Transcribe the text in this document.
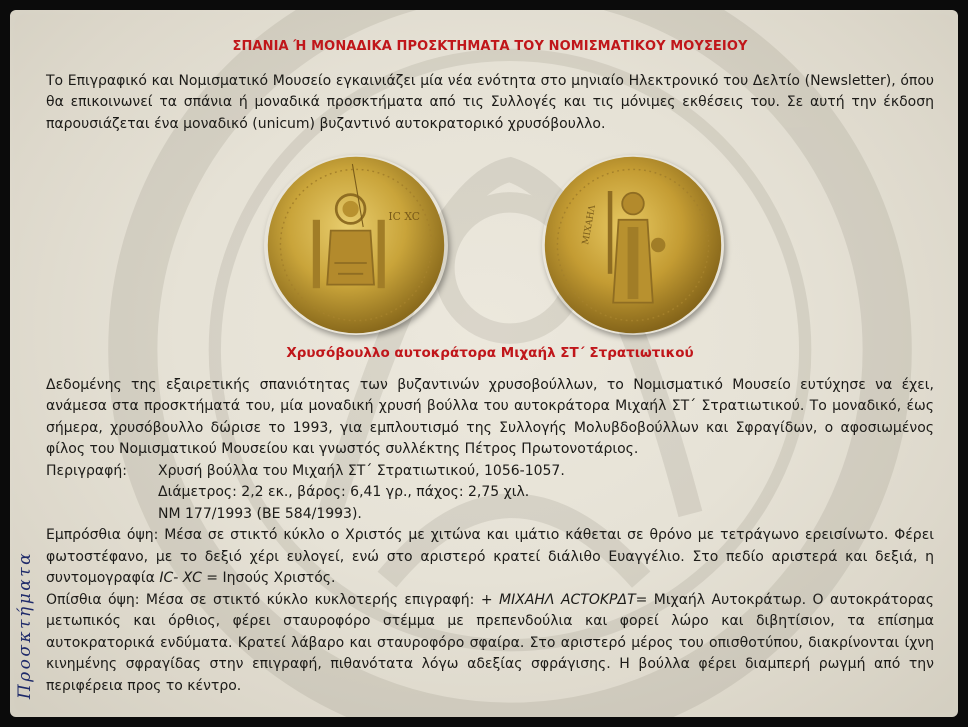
ΣΠΑΝΙΑ Ή ΜΟΝΑΔΙΚΑ ΠΡΟΣΚΤΗΜΑΤΑ ΤΟΥ ΝΟΜΙΣΜΑΤΙΚΟΥ ΜΟΥΣΕΙΟΥ

Το Επιγραφικό και Νομισματικό Μουσείο εγκαινιάζει μία νέα ενότητα στο μηνιαίο Ηλεκτρονικό του Δελτίο (Newsletter), όπου θα επικοινωνεί τα σπάνια ή μοναδικά προσκτήματα από τις Συλλογές και τις μόνιμες εκθέσεις του. Σε αυτή την έκδοση παρουσιάζεται ένα μοναδικό (unicum) βυζαντινό αυτοκρατορικό χρυσόβουλλο.

IC XC	ΜΙΧΑΗΛ
Χρυσόβουλλο αυτοκράτορα Μιχαήλ ΣΤ΄ Στρατιωτικού

Δεδομένης της εξαιρετικής σπανιότητας των βυζαντινών χρυσοβούλλων, το Νομισματικό Μουσείο ευτύχησε να έχει, ανάμεσα στα προσκτήματά του, μία μοναδική χρυσή βούλλα του αυτοκράτορα Μιχαήλ ΣΤ΄ Στρατιωτικού. Το μοναδικό, έως σήμερα, χρυσόβουλλο δώρισε το 1993, για εμπλουτισμό της Συλλογής Μολυβδοβούλλων και Σφραγίδων, ο αφοσιωμένος φίλος του Νομισματικού Μουσείου και γνωστός συλλέκτης Πέτρος Πρωτονοτάριος.

Περιγραφή:	Χρυσή βούλλα του Μιχαήλ ΣΤ΄ Στρατιωτικού, 1056-1057.
Διάμετρος: 2,2 εκ., βάρος: 6,41 γρ., πάχος: 2,75 χιλ.
ΝΜ 177/1993 (ΒΕ 584/1993).

Εμπρόσθια όψη: Μέσα σε στικτό κύκλο ο Χριστός με χιτώνα και ιμάτιο κάθεται σε θρόνο με τετράγωνο ερεισίνωτο. Φέρει φωτοστέφανο, με το δεξιό χέρι ευλογεί, ενώ στο αριστερό κρατεί διάλιθο Ευαγγέλιο. Στο πεδίο αριστερά και δεξιά, η συντομογραφία IC- XC = Ιησούς Χριστός.

Οπίσθια όψη: Μέσα σε στικτό κύκλο κυκλοτερής επιγραφή: + ΜΙΧΑΗΛ ΑCΤΟΚΡΔΤ= Μιχαήλ Αυτοκράτωρ. Ο αυτοκράτορας μετωπικός και όρθιος, φέρει σταυροφόρο στέμμα με πρεπενδούλια και φορεί λώρο και διβητίσιον, τα επίσημα αυτοκρατορικά ενδύματα. Κρατεί λάβαρο και σταυροφόρο σφαίρα. Στο αριστερό μέρος του οπισθοτύπου, διακρίνονται ίχνη κινημένης σφραγίδας στην επιγραφή, πιθανότατα λόγω αδεξίας σφράγισης. Η βούλλα φέρει διαμπερή ρωγμή από την περιφέρεια προς το κέντρο.

Προσκτήματα
